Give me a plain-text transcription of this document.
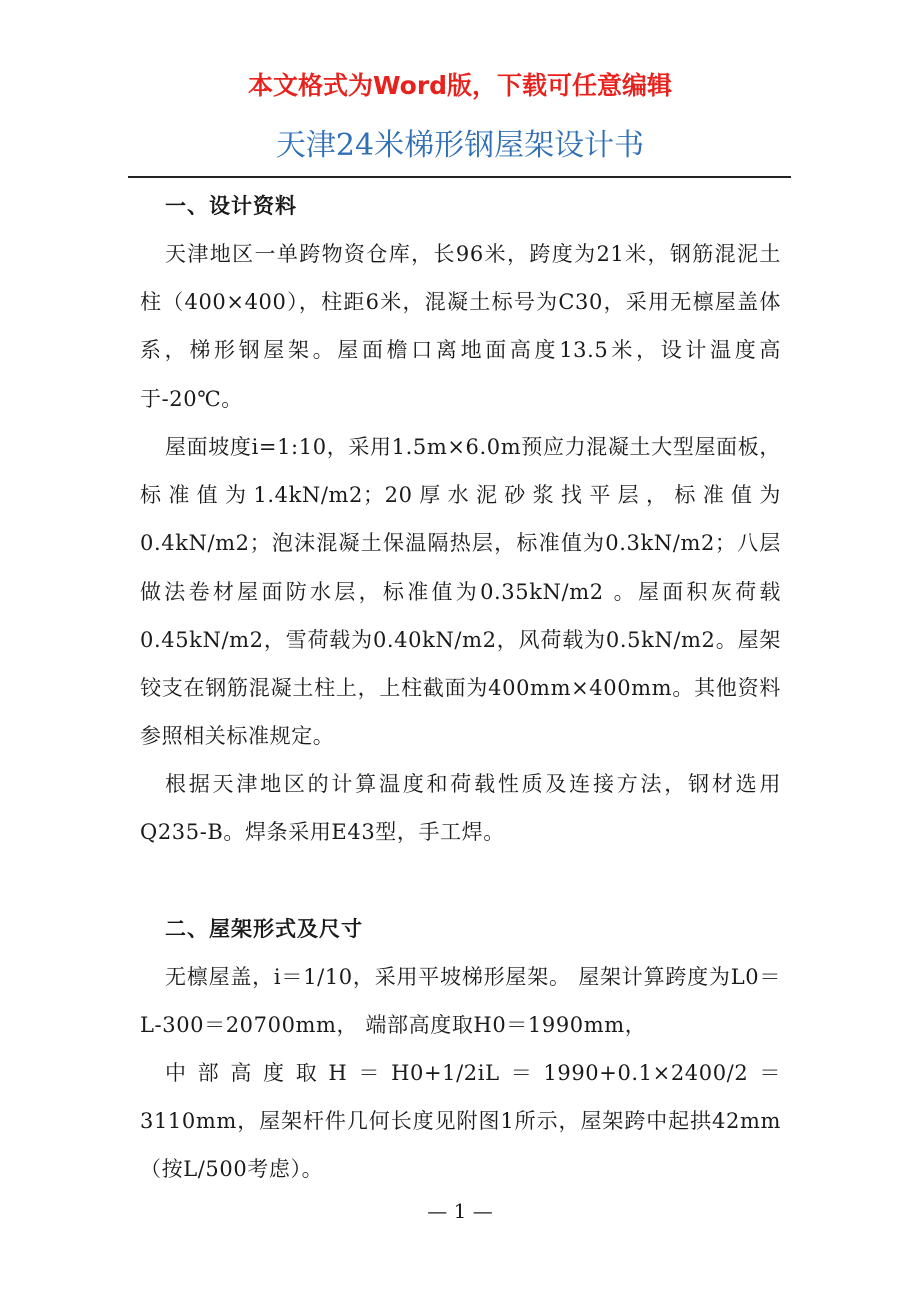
本文格式为Word版，下载可任意编辑
天津24米梯形钢屋架设计书
一、设计资料

天津地区一单跨物资仓库，长96米，跨度为21米，钢筋混泥土柱（400×400），柱距6米，混凝土标号为C30，采用无檩屋盖体系，梯形钢屋架。屋面檐口离地面高度13.5米，设计温度高于-20℃。

屋面坡度i=1:10，采用1.5m×6.0m预应力混凝土大型屋面板，标准值为1.4kN/m2；20厚水泥砂浆找平层，标准值为0.4kN/m2；泡沫混凝土保温隔热层，标准值为0.3kN/m2；八层做法卷材屋面防水层，标准值为0.35kN/m2 。屋面积灰荷载0.45kN/m2，雪荷载为0.40kN/m2，风荷载为0.5kN/m2。屋架铰支在钢筋混凝土柱上，上柱截面为400mm×400mm。其他资料参照相关标准规定。

根据天津地区的计算温度和荷载性质及连接方法，钢材选用Q235-B。焊条采用E43型，手工焊。

二、屋架形式及尺寸

无檩屋盖，i＝1/10，采用平坡梯形屋架。 屋架计算跨度为L0＝L-300＝20700mm， 端部高度取H0＝1990mm，

中部高度取H＝H0+1/2iL＝1990+0.1×2400/2＝3110mm，屋架杆件几何长度见附图1所示，屋架跨中起拱42mm（按L/500考虑）。

— 1 —
